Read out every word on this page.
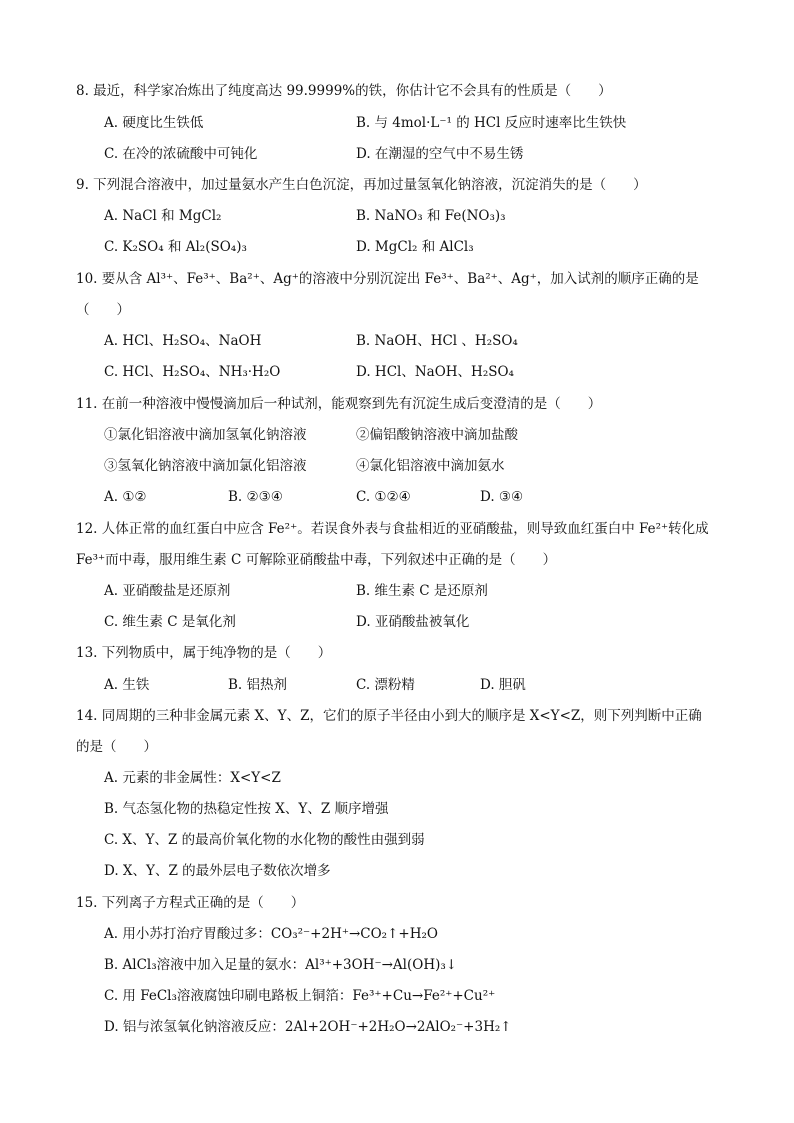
8. 最近，科学家冶炼出了纯度高达 99.9999%的铁，你估计它不会具有的性质是（　　）
A. 硬度比生铁低	B. 与 4mol·L⁻¹ 的 HCl 反应时速率比生铁快
C. 在冷的浓硫酸中可钝化	D. 在潮湿的空气中不易生锈
9. 下列混合溶液中，加过量氨水产生白色沉淀，再加过量氢氧化钠溶液，沉淀消失的是（　　）
A. NaCl 和 MgCl₂	B. NaNO₃ 和 Fe(NO₃)₃
C. K₂SO₄ 和 Al₂(SO₄)₃	D. MgCl₂ 和 AlCl₃
10. 要从含 Al³⁺、Fe³⁺、Ba²⁺、Ag⁺的溶液中分别沉淀出 Fe³⁺、Ba²⁺、Ag⁺，加入试剂的顺序正确的是
（　　）
A. HCl、H₂SO₄、NaOH	B. NaOH、HCl 、H₂SO₄
C. HCl、H₂SO₄、NH₃·H₂O	D. HCl、NaOH、H₂SO₄
11. 在前一种溶液中慢慢滴加后一种试剂，能观察到先有沉淀生成后变澄清的是（　　）
①氯化铝溶液中滴加氢氧化钠溶液	②偏铝酸钠溶液中滴加盐酸
③氢氧化钠溶液中滴加氯化铝溶液	④氯化铝溶液中滴加氨水
A. ①②	B. ②③④	C. ①②④	D. ③④
12. 人体正常的血红蛋白中应含 Fe²⁺。若误食外表与食盐相近的亚硝酸盐，则导致血红蛋白中 Fe²⁺转化成
Fe³⁺而中毒，服用维生素 C 可解除亚硝酸盐中毒，下列叙述中正确的是（　　）
A. 亚硝酸盐是还原剂	B. 维生素 C 是还原剂
C. 维生素 C 是氧化剂	D. 亚硝酸盐被氧化
13. 下列物质中，属于纯净物的是（　　）
A. 生铁	B. 铝热剂	C. 漂粉精	D. 胆矾
14. 同周期的三种非金属元素 X、Y、Z，它们的原子半径由小到大的顺序是 X<Y<Z，则下列判断中正确
的是（　　）
A. 元素的非金属性：X<Y<Z
B. 气态氢化物的热稳定性按 X、Y、Z 顺序增强
C. X、Y、Z 的最高价氧化物的水化物的酸性由强到弱
D. X、Y、Z 的最外层电子数依次增多
15. 下列离子方程式正确的是（　　）
A. 用小苏打治疗胃酸过多：CO₃²⁻+2H⁺→CO₂↑+H₂O
B. AlCl₃溶液中加入足量的氨水：Al³⁺+3OH⁻→Al(OH)₃↓
C. 用 FeCl₃溶液腐蚀印刷电路板上铜箔：Fe³⁺+Cu→Fe²⁺+Cu²⁺
D. 铝与浓氢氧化钠溶液反应：2Al+2OH⁻+2H₂O→2AlO₂⁻+3H₂↑
